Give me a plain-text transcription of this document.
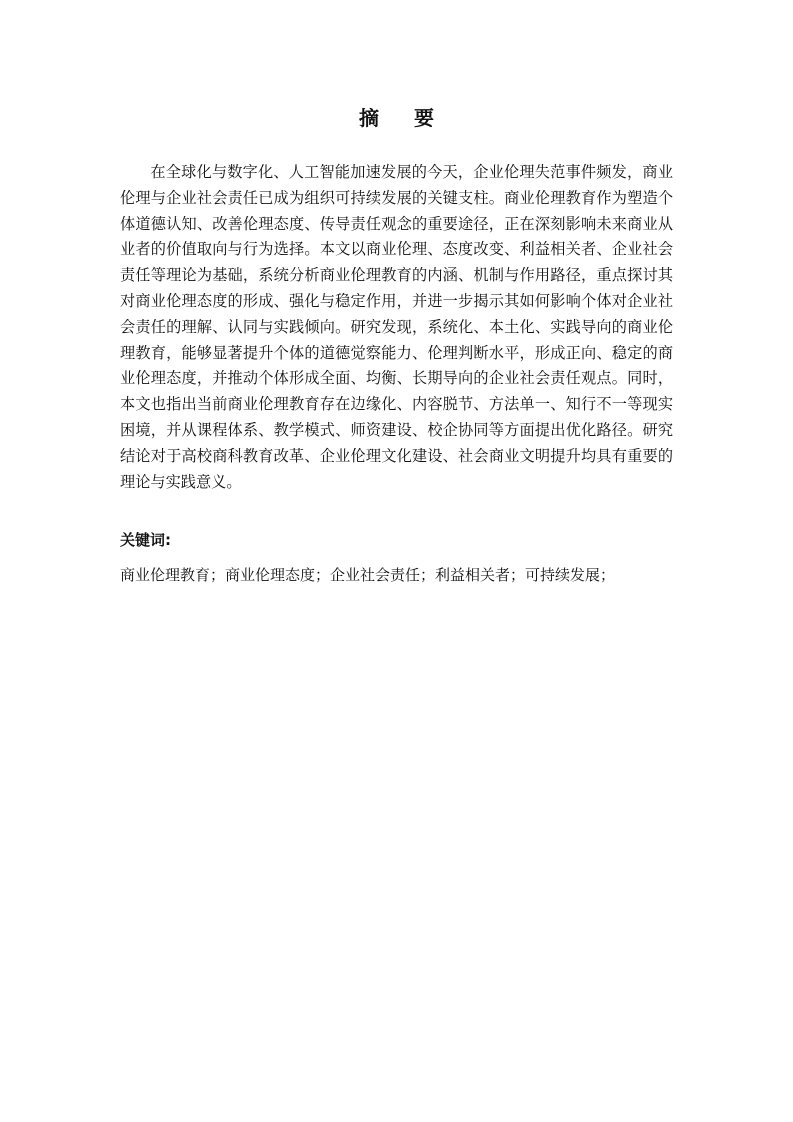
摘 要

在全球化与数字化、人工智能加速发展的今天，企业伦理失范事件频发，商业伦理与企业社会责任已成为组织可持续发展的关键支柱。商业伦理教育作为塑造个体道德认知、改善伦理态度、传导责任观念的重要途径，正在深刻影响未来商业从业者的价值取向与行为选择。本文以商业伦理、态度改变、利益相关者、企业社会责任等理论为基础，系统分析商业伦理教育的内涵、机制与作用路径，重点探讨其对商业伦理态度的形成、强化与稳定作用，并进一步揭示其如何影响个体对企业社会责任的理解、认同与实践倾向。研究发现，系统化、本土化、实践导向的商业伦理教育，能够显著提升个体的道德觉察能力、伦理判断水平，形成正向、稳定的商业伦理态度，并推动个体形成全面、均衡、长期导向的企业社会责任观点。同时，本文也指出当前商业伦理教育存在边缘化、内容脱节、方法单一、知行不一等现实困境，并从课程体系、教学模式、师资建设、校企协同等方面提出优化路径。研究结论对于高校商科教育改革、企业伦理文化建设、社会商业文明提升均具有重要的理论与实践意义。

关键词:
商业伦理教育；商业伦理态度；企业社会责任；利益相关者；可持续发展；
